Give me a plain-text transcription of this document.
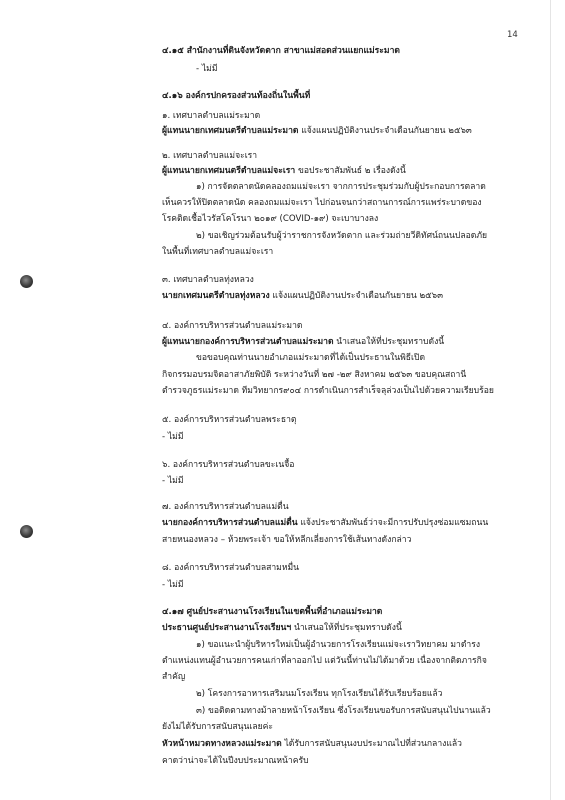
14
๔.๑๕ สำนักงานที่ดินจังหวัดตาก สาขาแม่สอดส่วนแยกแม่ระมาด
- ไม่มี
๔.๑๖ องค์กรปกครองส่วนท้องถิ่นในพื้นที่
๑. เทศบาลตำบลแม่ระมาด
ผู้แทนนายกเทศมนตรีตำบลแม่ระมาด แจ้งแผนปฏิบัติงานประจำเดือนกันยายน ๒๕๖๓
๒. เทศบาลตำบลแม่จะเรา
ผู้แทนนายกเทศมนตรีตำบลแม่จะเรา ขอประชาสัมพันธ์ ๒ เรื่องดังนี้
๑) การจัดตลาดนัดคลองถมแม่จะเรา จากการประชุมร่วมกับผู้ประกอบการตลาด
เห็นควรให้ปิดตลาดนัด คลองถมแม่จะเรา ไปก่อนจนกว่าสถานการณ์การแพร่ระบาดของ
โรคติดเชื้อไวรัสโคโรนา ๒๐๑๙ (COVID-๑๙) จะเบาบางลง
๒) ขอเชิญร่วมต้อนรับผู้ว่าราชการจังหวัดตาก และร่วมถ่ายวีดิทัศน์ถนนปลอดภัย
ในพื้นที่เทศบาลตำบลแม่จะเรา
๓. เทศบาลตำบลทุ่งหลวง
นายกเทศมนตรีตำบลทุ่งหลวง แจ้งแผนปฏิบัติงานประจำเดือนกันยายน ๒๕๖๓
๔. องค์การบริหารส่วนตำบลแม่ระมาด
ผู้แทนนายกองค์การบริหารส่วนตำบลแม่ระมาด นำเสนอให้ที่ประชุมทราบดังนี้
ขอขอบคุณท่านนายอำเภอแม่ระมาดที่ได้เป็นประธานในพิธีเปิด
กิจกรรมอบรมจิตอาสาภัยพิบัติ ระหว่างวันที่ ๒๗ -๒๙ สิงหาคม ๒๕๖๓ ขอบคุณสถานี
ตำรวจภูธรแม่ระมาด ทีมวิทยากร๙๐๔ การดำเนินการสำเร็จลุล่วงเป็นไปด้วยความเรียบร้อย
๕. องค์การบริหารส่วนตำบลพระธาตุ
- ไม่มี
๖. องค์การบริหารส่วนตำบลขะเนจื้อ
- ไม่มี
๗. องค์การบริหารส่วนตำบลแม่ตื่น
นายกองค์การบริหารส่วนตำบลแม่ตื่น แจ้งประชาสัมพันธ์ว่าจะมีการปรับปรุงซ่อมแซมถนน
สายหนองหลวง – ห้วยพระเจ้า ขอให้หลีกเลี่ยงการใช้เส้นทางดังกล่าว
๘. องค์การบริหารส่วนตำบลสามหมื่น
- ไม่มี
๔.๑๗ ศูนย์ประสานงานโรงเรียนในเขตพื้นที่อำเภอแม่ระมาด
ประธานศูนย์ประสานงานโรงเรียนฯ นำเสนอให้ที่ประชุมทราบดังนี้
๑) ขอแนะนำผู้บริหารใหม่เป็นผู้อำนวยการโรงเรียนแม่จะเราวิทยาคม มาดำรง
ตำแหน่งแทนผู้อำนวยการคนเก่าที่ลาออกไป แต่วันนี้ท่านไม่ได้มาด้วย เนื่องจากติดภารกิจ
สำคัญ
๒) โครงการอาหารเสริมนมโรงเรียน ทุกโรงเรียนได้รับเรียบร้อยแล้ว
๓) ขอติดตามทางม้าลายหน้าโรงเรียน ซึ่งโรงเรียนขอรับการสนับสนุนไปนานแล้ว
ยังไม่ได้รับการสนับสนุนเลยค่ะ
หัวหน้าหมวดทางหลวงแม่ระมาด ได้รับการสนับสนุนงบประมาณไปที่ส่วนกลางแล้ว
คาดว่าน่าจะได้ในปีงบประมาณหน้าครับ
